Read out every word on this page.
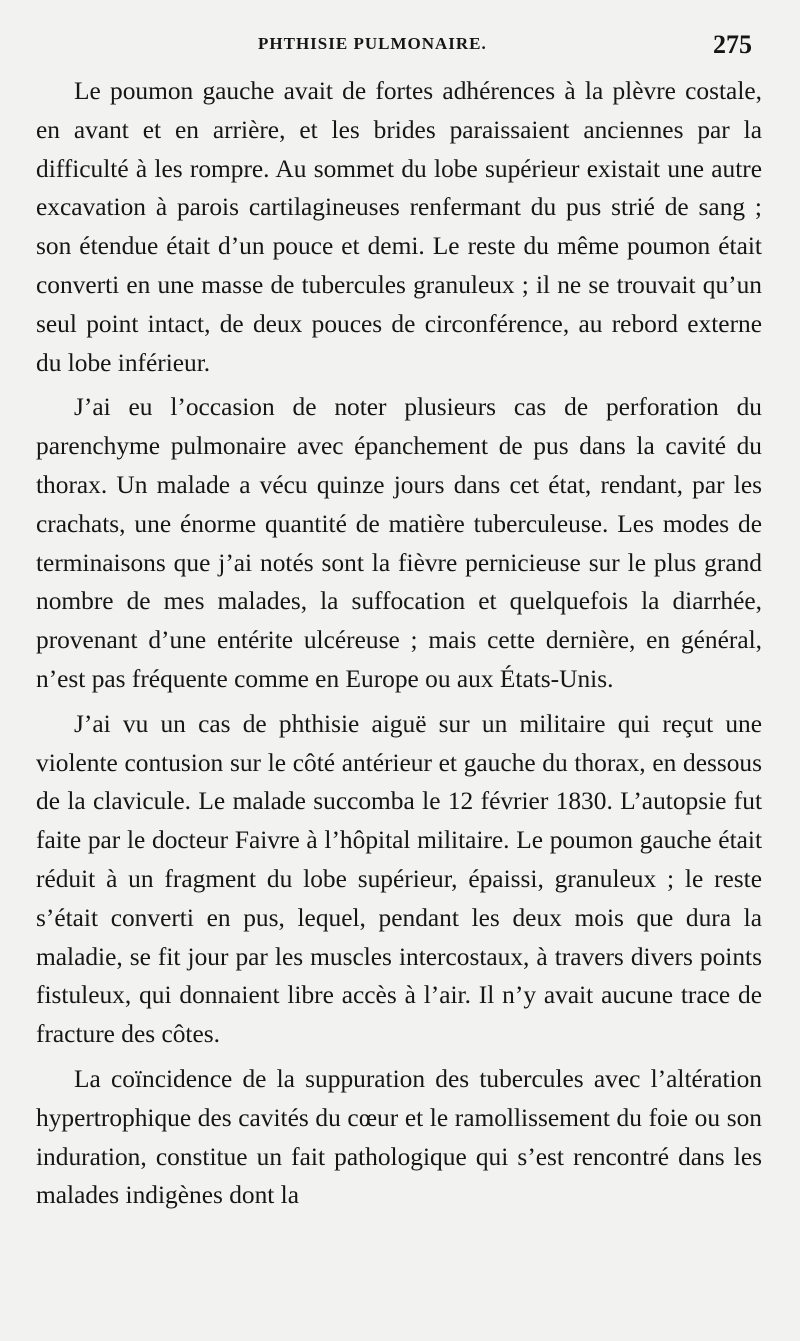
PHTHISIE PULMONAIRE.	275

Le poumon gauche avait de fortes adhérences à la plèvre costale, en avant et en arrière, et les brides paraissaient anciennes par la difficulté à les rompre. Au sommet du lobe supérieur existait une autre excavation à parois cartilagineuses renfermant du pus strié de sang ; son étendue était d’un pouce et demi. Le reste du même poumon était converti en une masse de tubercules granuleux ; il ne se trouvait qu’un seul point intact, de deux pouces de circonférence, au rebord externe du lobe inférieur.

J’ai eu l’occasion de noter plusieurs cas de perforation du parenchyme pulmonaire avec épanchement de pus dans la cavité du thorax. Un malade a vécu quinze jours dans cet état, rendant, par les crachats, une énorme quantité de matière tuberculeuse. Les modes de terminaisons que j’ai notés sont la fièvre pernicieuse sur le plus grand nombre de mes malades, la suffocation et quelquefois la diarrhée, provenant d’une entérite ulcéreuse ; mais cette dernière, en général, n’est pas fréquente comme en Europe ou aux États-Unis.

J’ai vu un cas de phthisie aiguë sur un militaire qui reçut une violente contusion sur le côté antérieur et gauche du thorax, en dessous de la clavicule. Le malade succomba le 12 février 1830. L’autopsie fut faite par le docteur Faivre à l’hôpital militaire. Le poumon gauche était réduit à un fragment du lobe supérieur, épaissi, granuleux ; le reste s’était converti en pus, lequel, pendant les deux mois que dura la maladie, se fit jour par les muscles intercostaux, à travers divers points fistuleux, qui donnaient libre accès à l’air. Il n’y avait aucune trace de fracture des côtes.

La coïncidence de la suppuration des tubercules avec l’altération hypertrophique des cavités du cœur et le ramollissement du foie ou son induration, constitue un fait pathologique qui s’est rencontré dans les malades indigènes dont la
